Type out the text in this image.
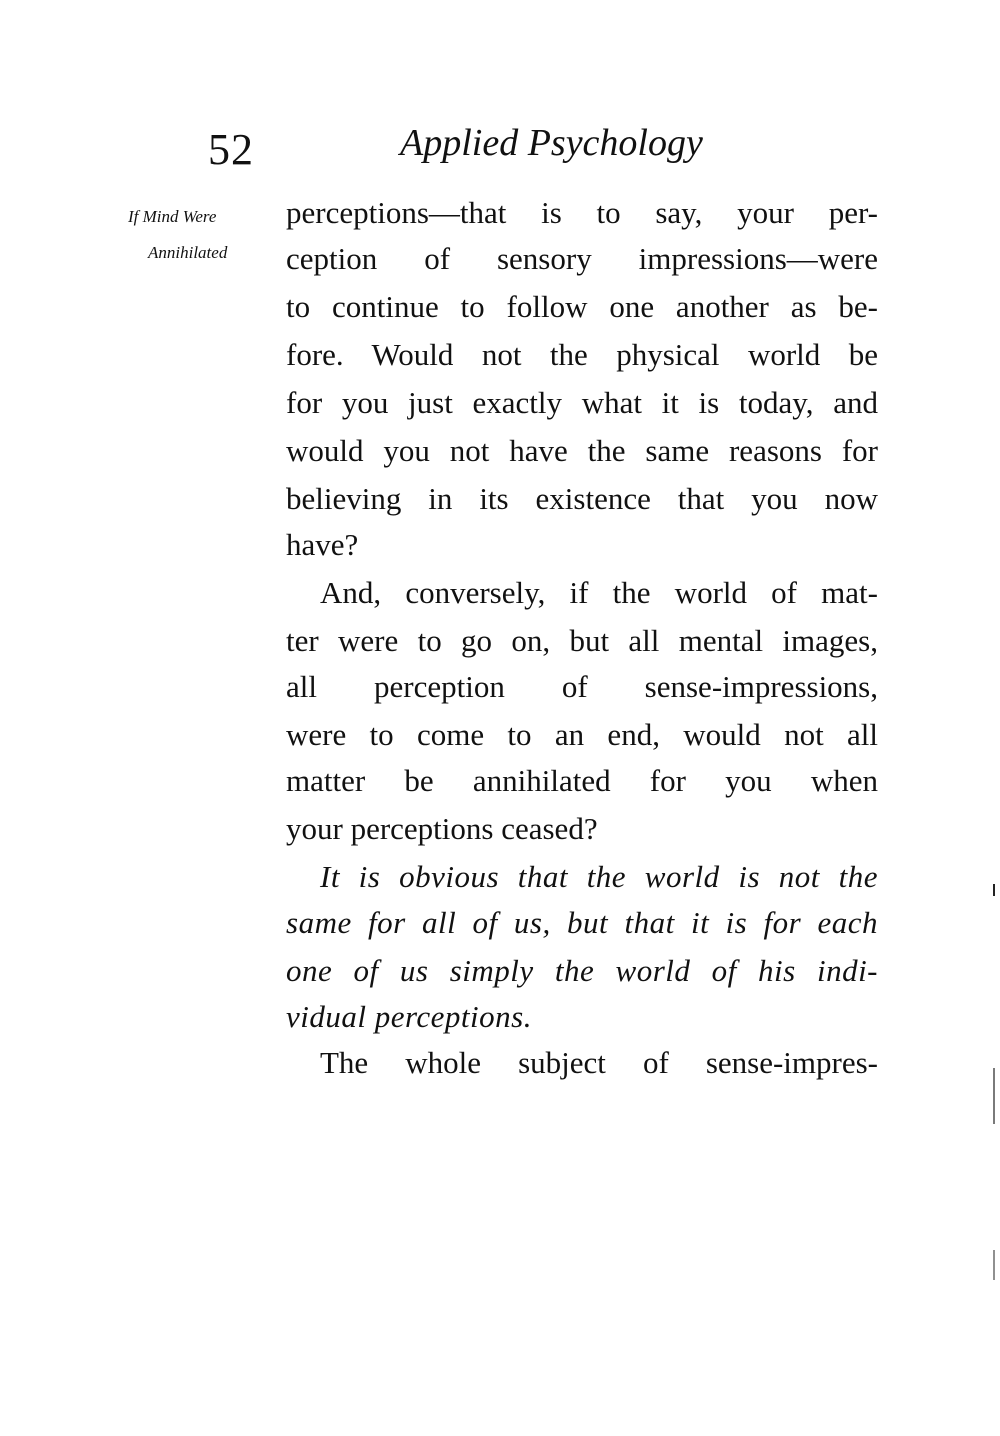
52	Applied Psychology
If Mind Were
Annihilated
perceptions—that is to say, your per-
ception of sensory impressions—were
to continue to follow one another as be-
fore. Would not the physical world be
for you just exactly what it is today, and
would you not have the same reasons for
believing in its existence that you now
have?
And, conversely, if the world of mat-
ter were to go on, but all mental images,
all perception of sense-impressions,
were to come to an end, would not all
matter be annihilated for you when
your perceptions ceased?
It is obvious that the world is not the
same for all of us, but that it is for each
one of us simply the world of his indi-
vidual perceptions.
The whole subject of sense-impres-
